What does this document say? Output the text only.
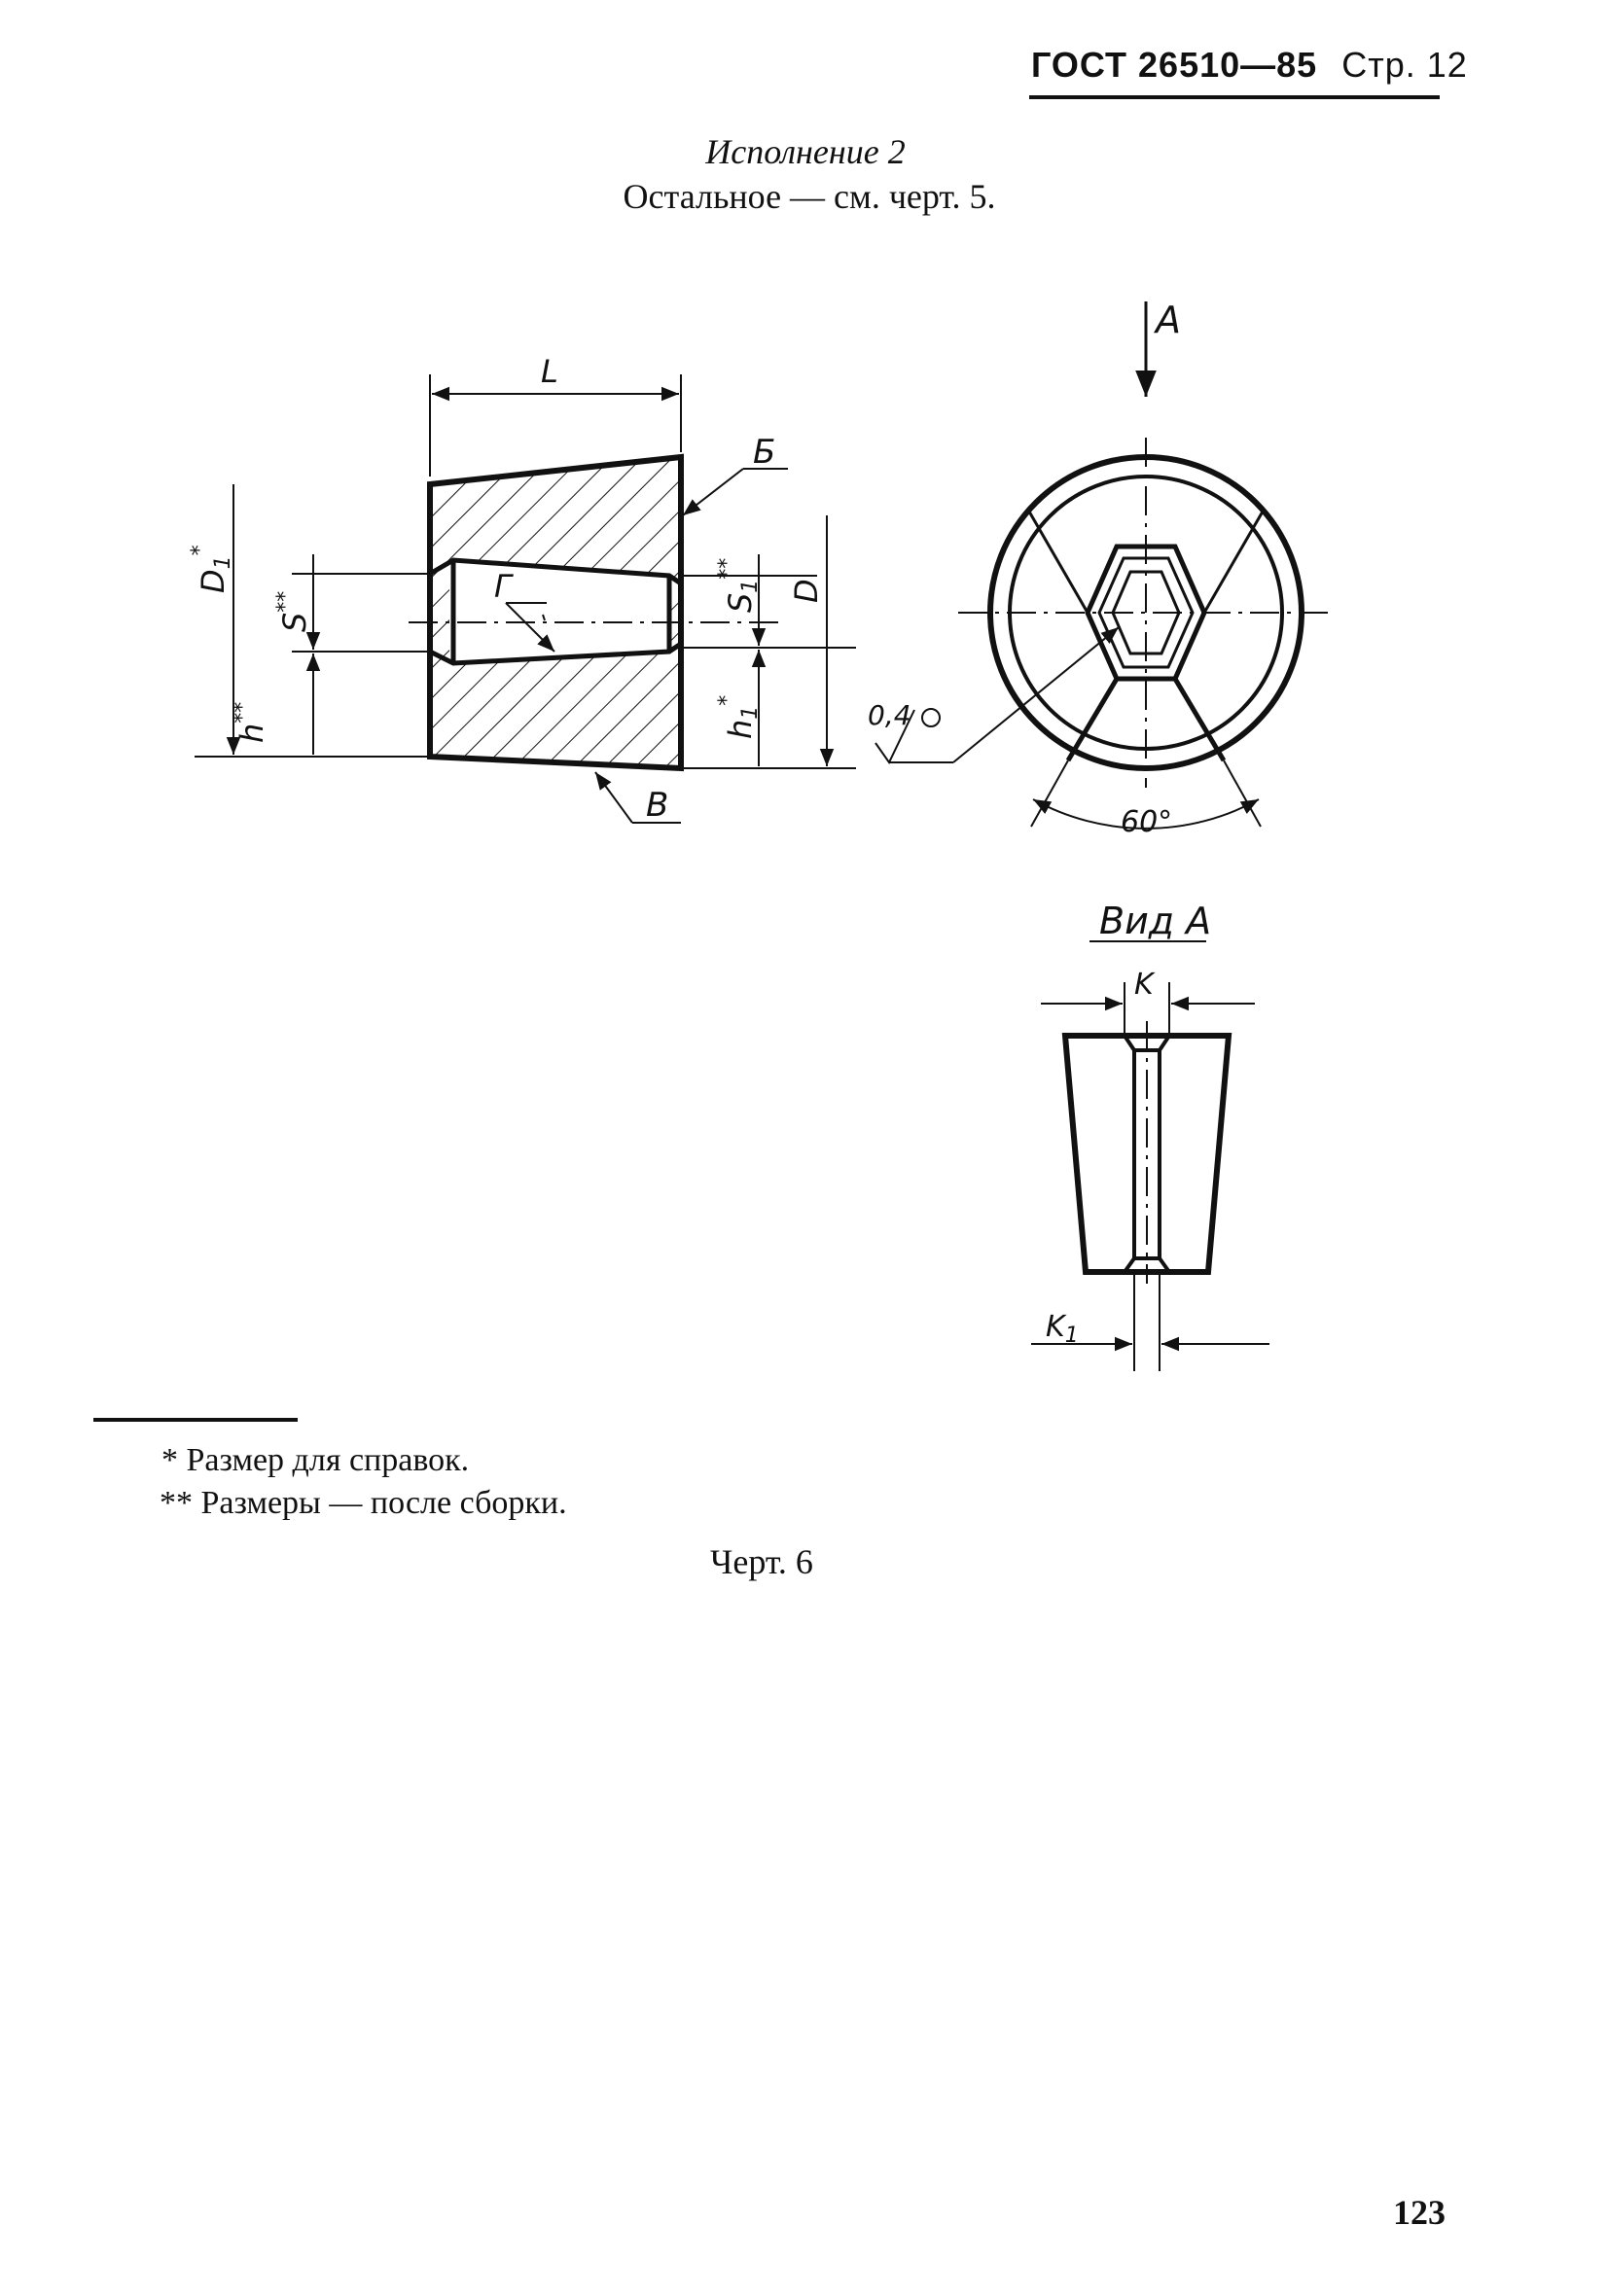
ГОСТ 26510—85 Стр. 12
Исполнение 2
Остальное — см. черт. 5.
L
Б
В
Г
D1*
S**
h**
S1**
h1*
D
60°
A
0,4
Вид А
K
$K_1$
* Размер для справок.
** Размеры — после сборки.
Черт. 6
123
